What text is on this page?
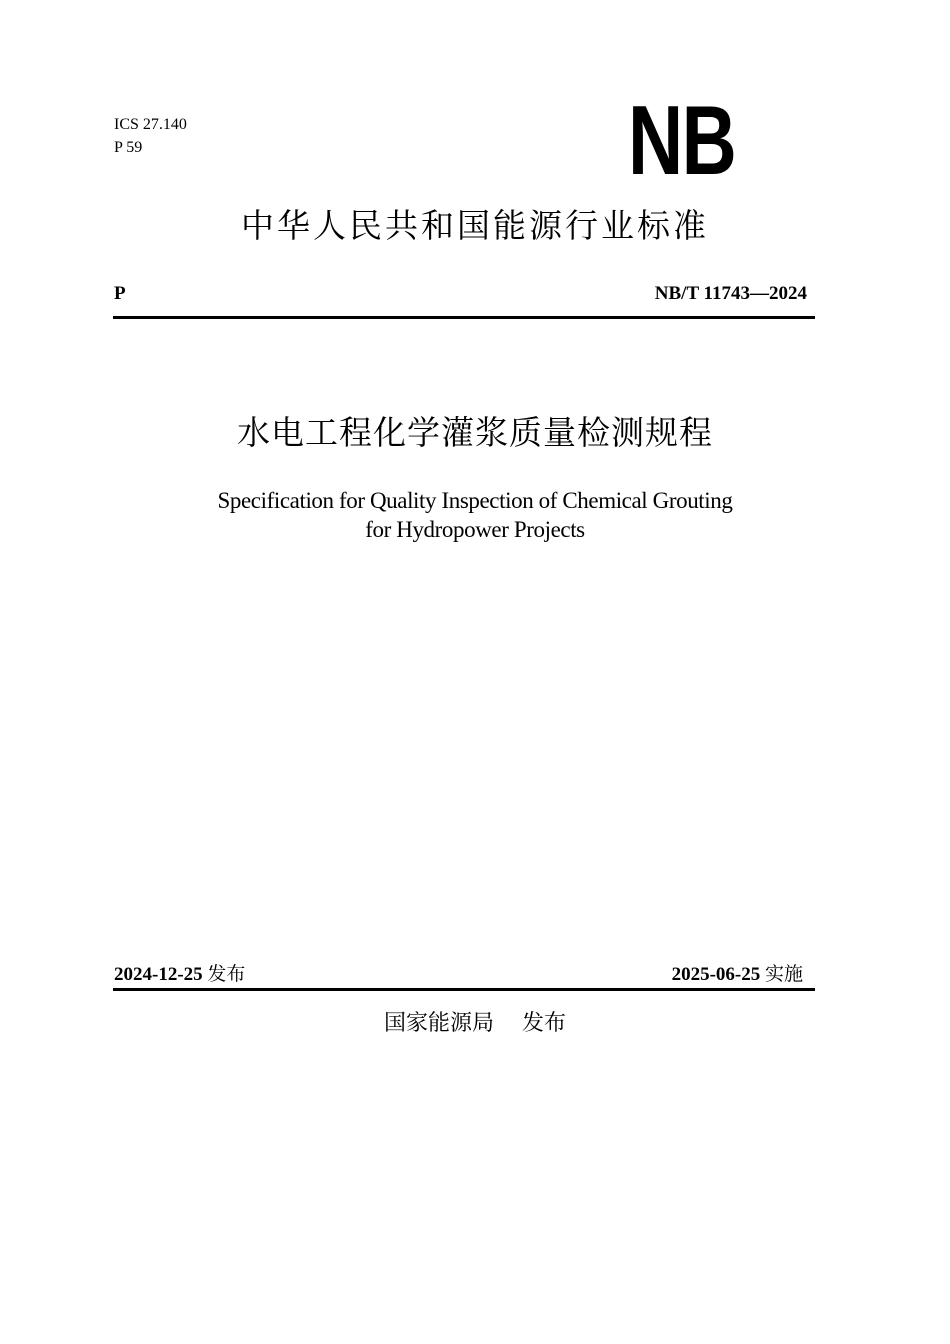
ICS 27.140
P 59	NB
中华人民共和国能源行业标准
P	NB/T 11743—2024
水电工程化学灌浆质量检测规程
Specification for Quality Inspection of Chemical Grouting
for Hydropower Projects
2024-12-25 发布	2025-06-25 实施
国家能源局 发布
